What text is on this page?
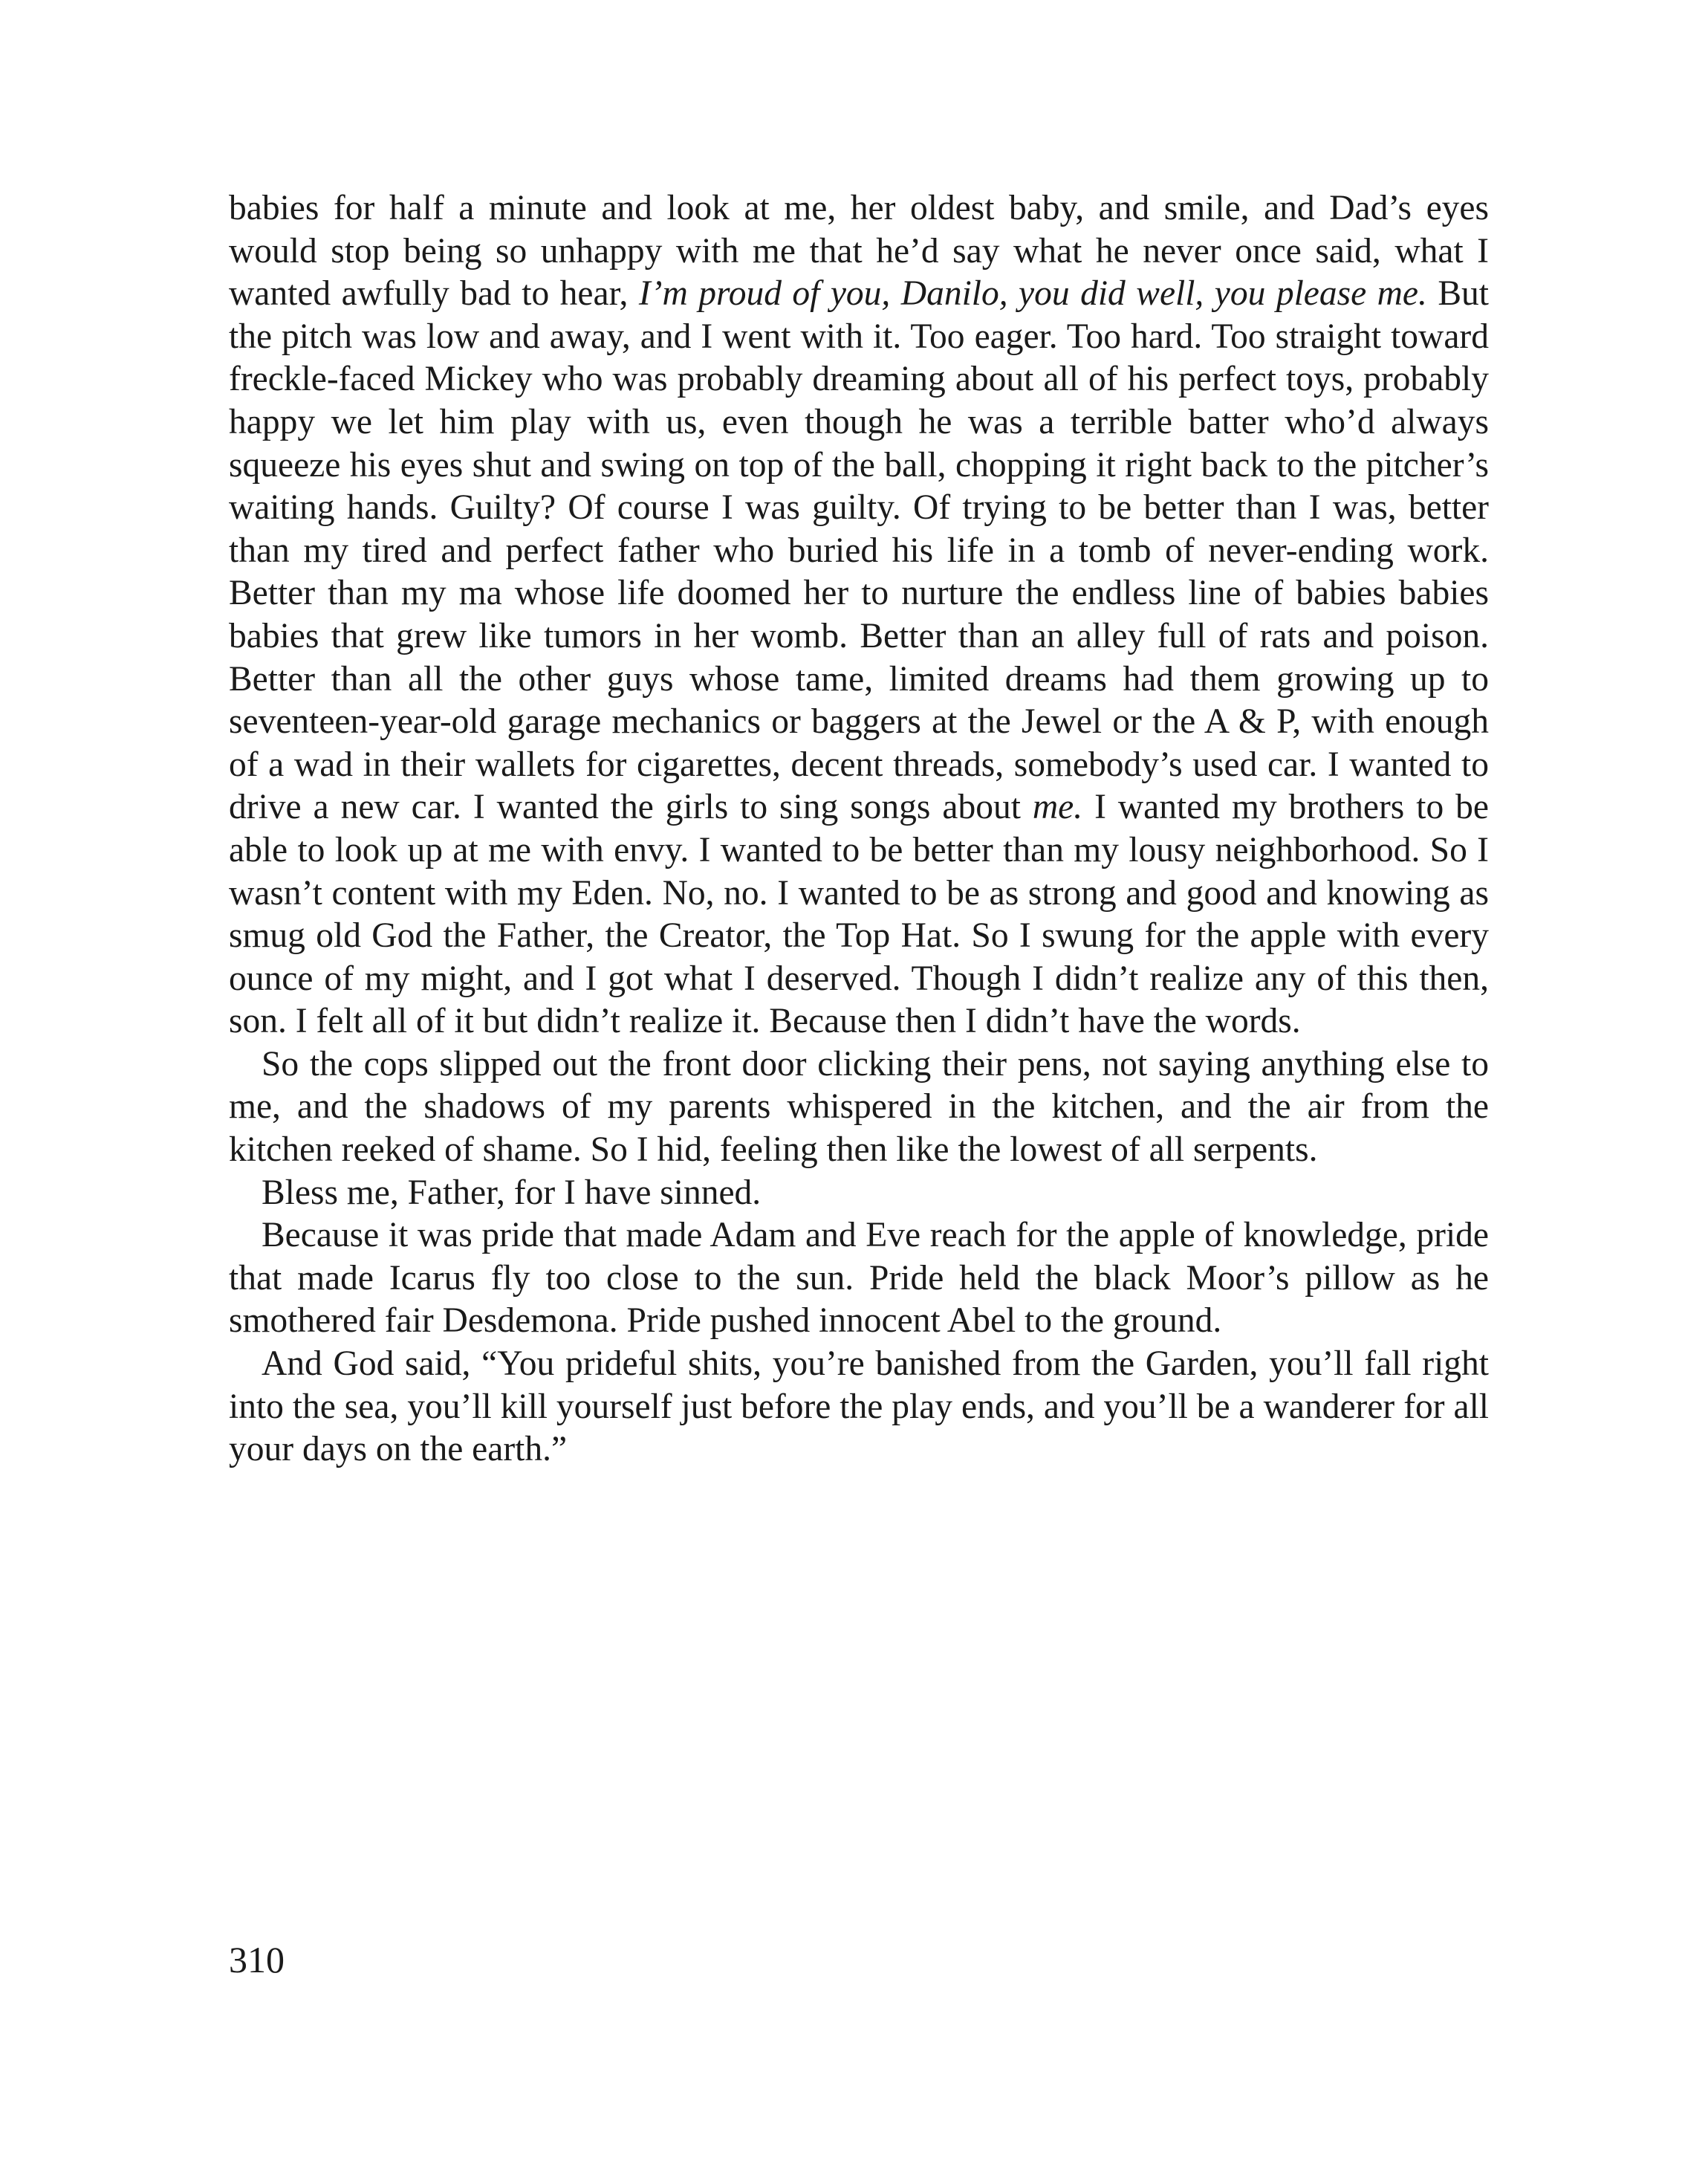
babies for half a minute and look at me, her oldest baby, and smile, and Dad’s eyes would stop being so unhappy with me that he’d say what he never once said, what I wanted awfully bad to hear, I’m proud of you, Danilo, you did well, you please me. But the pitch was low and away, and I went with it. Too eager. Too hard. Too straight toward freckle-faced Mickey who was probably dreaming about all of his perfect toys, probably happy we let him play with us, even though he was a terrible batter who’d always squeeze his eyes shut and swing on top of the ball, chopping it right back to the pitcher’s waiting hands. Guilty? Of course I was guilty. Of trying to be better than I was, better than my tired and perfect father who buried his life in a tomb of never-ending work. Better than my ma whose life doomed her to nurture the endless line of babies babies babies that grew like tumors in her womb. Better than an alley full of rats and poison. Better than all the other guys whose tame, limited dreams had them growing up to seventeen-year-old garage mechanics or baggers at the Jewel or the A & P, with enough of a wad in their wallets for cigarettes, decent threads, somebody’s used car. I wanted to drive a new car. I wanted the girls to sing songs about me. I wanted my brothers to be able to look up at me with envy. I wanted to be better than my lousy neighborhood. So I wasn’t content with my Eden. No, no. I wanted to be as strong and good and knowing as smug old God the Father, the Creator, the Top Hat. So I swung for the apple with every ounce of my might, and I got what I deserved. Though I didn’t realize any of this then, son. I felt all of it but didn’t realize it. Because then I didn’t have the words.

So the cops slipped out the front door clicking their pens, not saying anything else to me, and the shadows of my parents whispered in the kitchen, and the air from the kitchen reeked of shame. So I hid, feeling then like the lowest of all serpents.

Bless me, Father, for I have sinned.

Because it was pride that made Adam and Eve reach for the apple of knowledge, pride that made Icarus fly too close to the sun. Pride held the black Moor’s pillow as he smothered fair Desdemona. Pride pushed innocent Abel to the ground.

And God said, “You prideful shits, you’re banished from the Garden, you’ll fall right into the sea, you’ll kill yourself just before the play ends, and you’ll be a wanderer for all your days on the earth.”

310
